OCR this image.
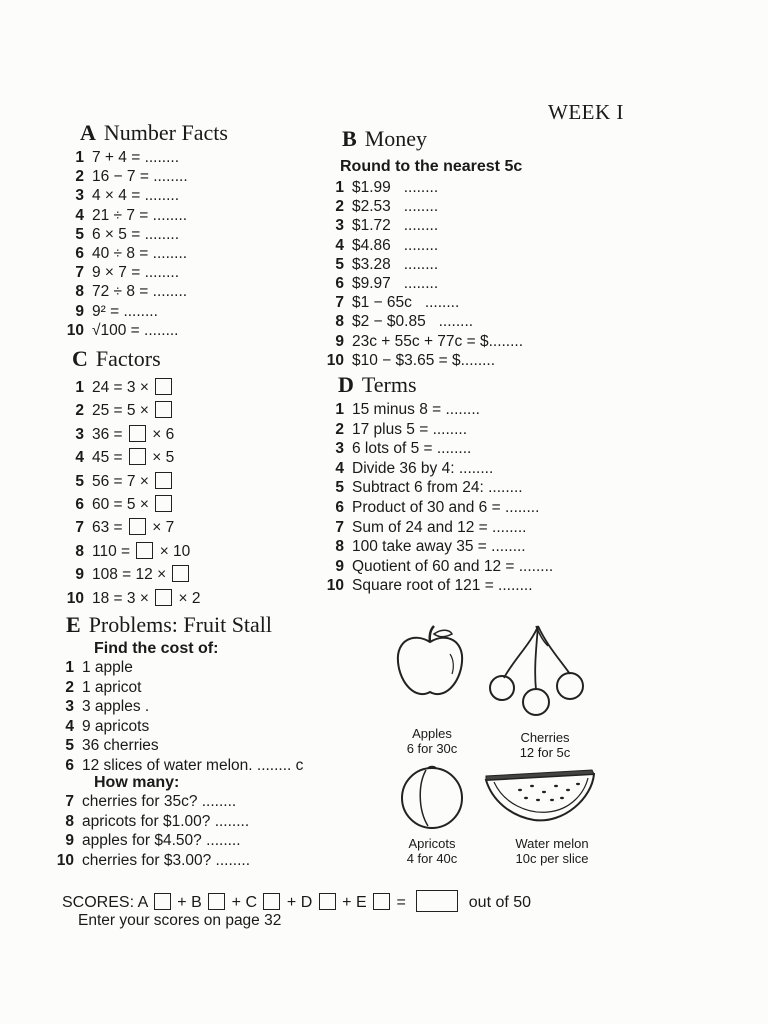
WEEK I
A Number Facts
1 7 + 4 = ........
2 16 − 7 = ........
3 4 × 4 = ........
4 21 ÷ 7 = ........
5 6 × 5 = ........
6 40 ÷ 8 = ........
7 9 × 7 = ........
8 72 ÷ 8 = ........
9 9² = ........
10 √100 = ........
B Money
Round to the nearest 5c
1 $1.99   ........
2 $2.53   ........
3 $1.72   ........
4 $4.86   ........
5 $3.28   ........
6 $9.97   ........
7 $1 − 65c   ........
8 $2 − $0.85   ........
9 23c + 55c + 77c = $........
10 $10 − $3.65 = $........
C Factors
1 24 = 3 ×
2 25 = 5 ×
3 36 = × 6
4 45 = × 5
5 56 = 7 ×
6 60 = 5 ×
7 63 = × 7
8 110 = × 10
9 108 = 12 ×
10 18 = 3 × × 2
D Terms
1 15 minus 8 = ........
2 17 plus 5 = ........
3 6 lots of 5 = ........
4 Divide 36 by 4: ........
5 Subtract 6 from 24: ........
6 Product of 30 and 6 = ........
7 Sum of 24 and 12 = ........
8 100 take away 35 = ........
9 Quotient of 60 and 12 = ........
10 Square root of 121 = ........
E Problems: Fruit Stall
Find the cost of:
1 1 apple
2 1 apricot
3 3 apples .
4 9 apricots
5 36 cherries
6 12 slices of water melon. ........ c
How many:
7 cherries for 35c? ........
8 apricots for $1.00? ........
9 apples for $4.50? ........
10 cherries for $3.00? ........
Apples
6 for 30c
Cherries
12 for 5c
Apricots
4 for 40c
Water melon
10c per slice
SCORES: A + B + C + D + E =	out of 50
Enter your scores on page 32
